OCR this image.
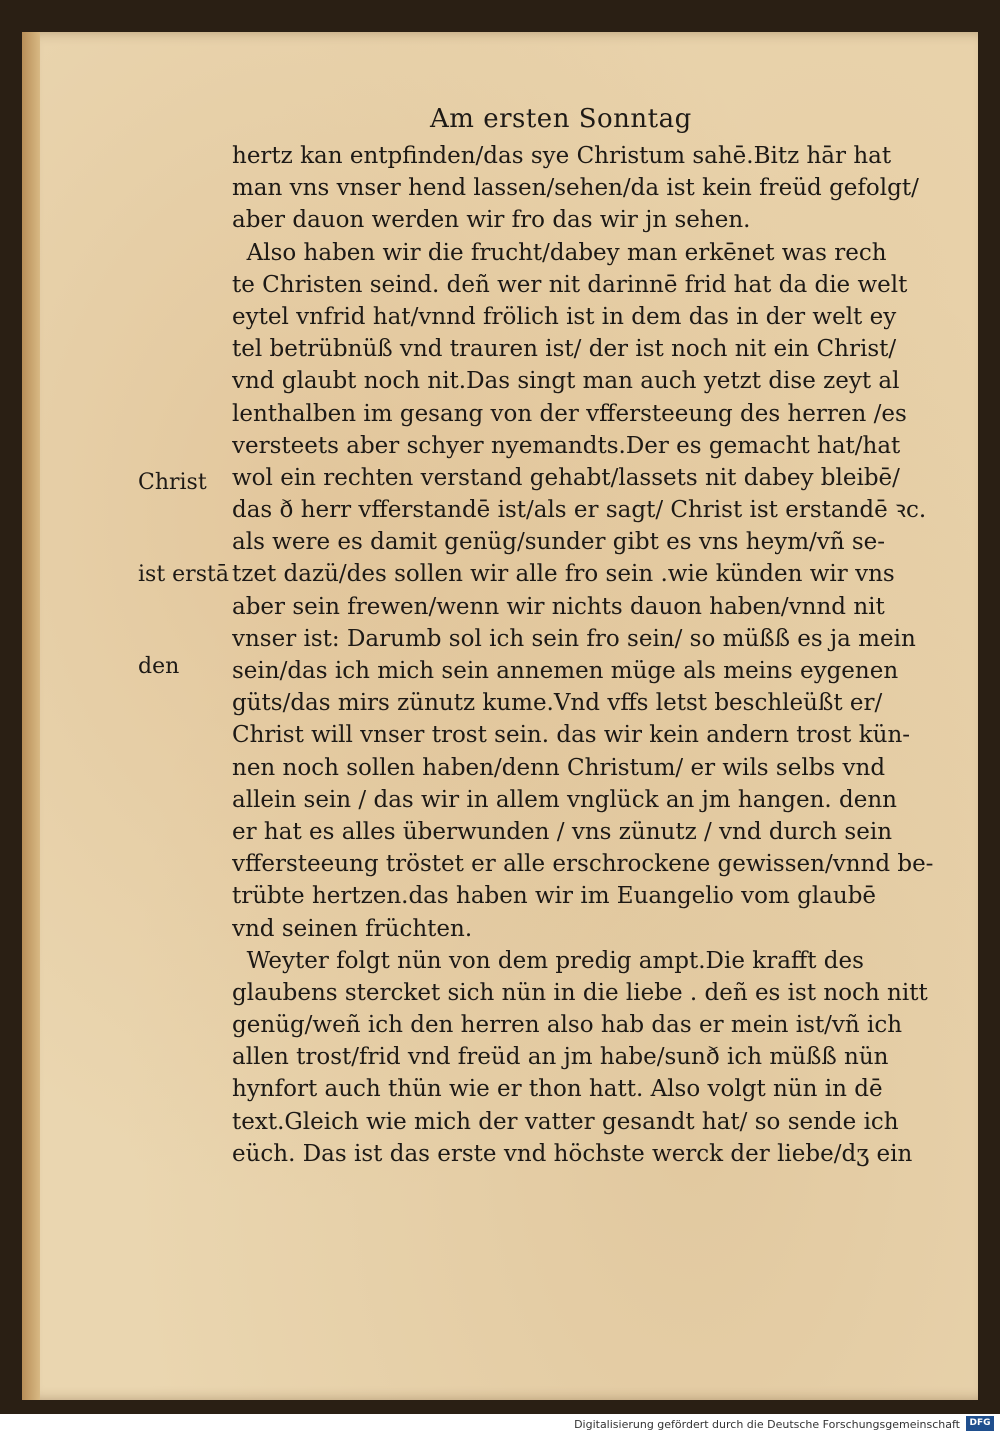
Am ersten Sonntag

Christ

ist erstā

den

hertz kan entpfinden/das sye Christum sahē.Bitz hār hat
man vns vnser hend lassen/sehen/da ist kein freüd gefolgt/
aber dauon werden wir fro das wir jn sehen.
Also haben wir die frucht/dabey man erkēnet was rech
te Christen seind. deñ wer nit darinnē frid hat da die welt
eytel vnfrid hat/vnnd frölich ist in dem das in der welt ey
tel betrübnüß vnd trauren ist/ der ist noch nit ein Christ/
vnd glaubt noch nit.Das singt man auch yetzt dise zeyt al
lenthalben im gesang von der vfferstеeung des herren /es
versteets aber schyer nyemandts.Der es gemacht hat/hat
wol ein rechten verstand gehabt/lassets nit dabey bleibē/
das ð herr vfferstandē ist/als er sagt/ Christ ist erstandē ꝛc.
als were es damit genüg/sunder gibt es vns heym/vñ se-
tzet dazü/des sollen wir alle fro sein .wie künden wir vns
aber sein frewen/wenn wir nichts dauon haben/vnnd nit
vnser ist: Darumb sol ich sein fro sein/ so müßß es ja mein
sein/das ich mich sein annemen müge als meins eygenen
güts/das mirs zünutz kume.Vnd vffs letst beschleüßt er/
Christ will vnser trost sein. das wir kein andern trost kün-
nen noch sollen haben/denn Christum/ er wils selbs vnd
allein sein / das wir in allem vnglück an jm hangen. denn
er hat es alles überwunden / vns zünutz / vnd durch sein
vfferstеeung tröstet er alle erschrockene gewissen/vnnd be-
trübte hertzen.das haben wir im Euangelio vom glaubē
vnd seinen früchten.
Weyter folgt nün von dem predig ampt.Die krafft des
glaubens stercket sich nün in die liebe . deñ es ist noch nitt
genüg/weñ ich den herren also hab das er mein ist/vñ ich
allen trost/frid vnd freüd an jm habe/sunð ich müßß nün
hynfort auch thün wie er thon hatt. Also volgt nün in dē
text.Gleich wie mich der vatter gesandt hat/ so sende ich
eüch. Das ist das erste vnd höchste werck der liebe/dʒ ein
Digitalisierung gefördert durch die Deutsche Forschungsgemeinschaft	DFG
